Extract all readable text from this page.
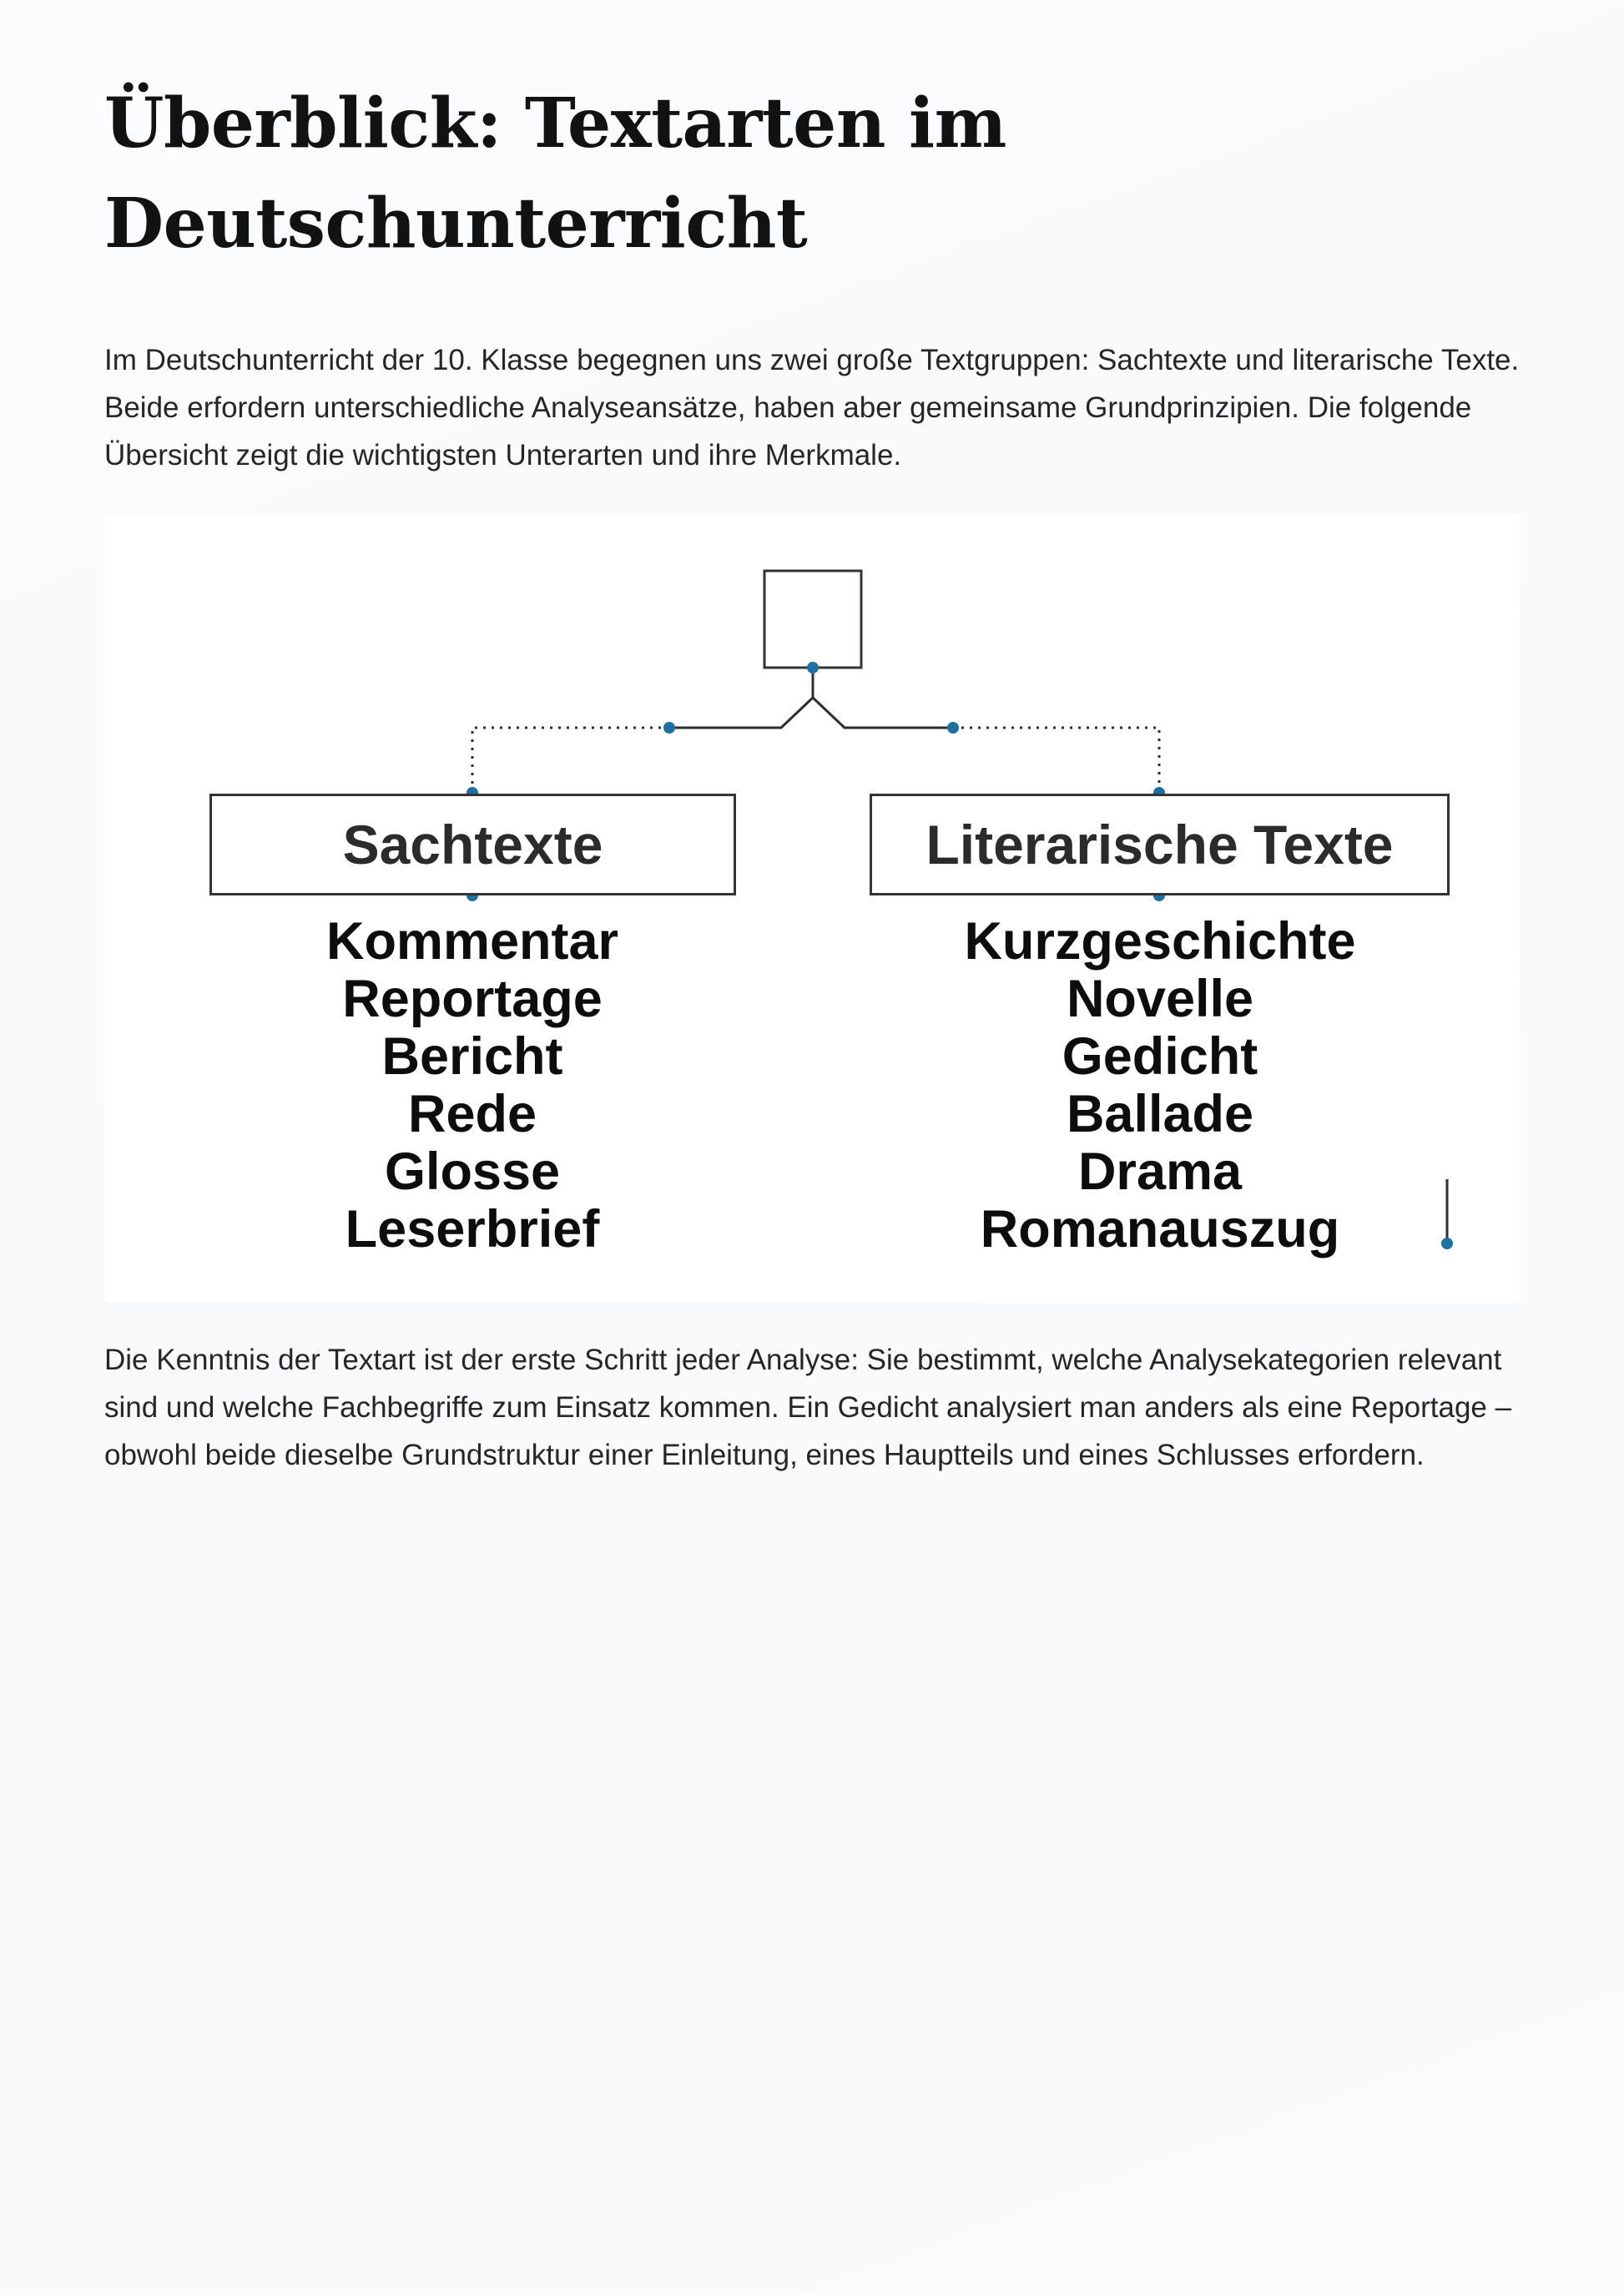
Überblick: Textarten im Deutschunterricht

Im Deutschunterricht der 10. Klasse begegnen uns zwei große Textgruppen: Sachtexte und literarische Texte. Beide erfordern unterschiedliche Analyseansätze, haben aber gemeinsame Grundprinzipien. Die folgende Übersicht zeigt die wichtigsten Unterarten und ihre Merkmale.

Die Kenntnis der Textart ist der erste Schritt jeder Analyse: Sie bestimmt, welche Analysekategorien relevant sind und welche Fachbegriffe zum Einsatz kommen. Ein Gedicht analysiert man anders als eine Reportage – obwohl beide dieselbe Grundstruktur einer Einleitung, eines Hauptteils und eines Schlusses erfordern.

Sachtexte	Literarische Texte
Kommentar
Reportage
Bericht
Rede
Glosse
Leserbrief
Kurzgeschichte
Novelle
Gedicht
Ballade
Drama
Romanauszug
